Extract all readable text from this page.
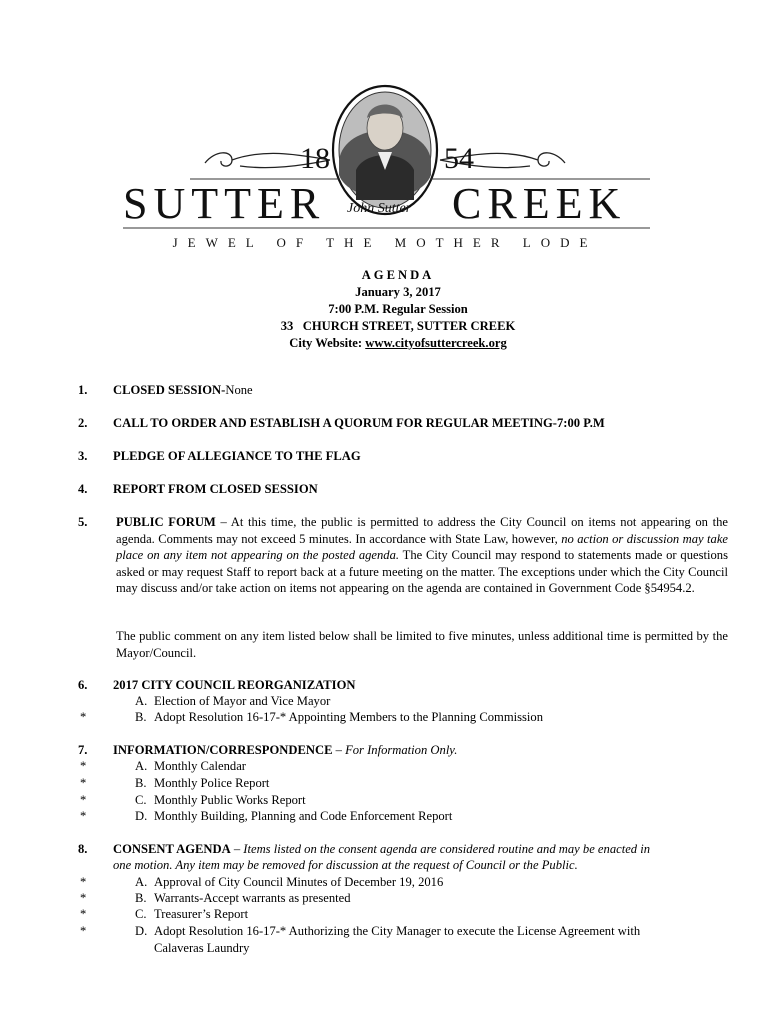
18	54
SUTTER	CREEK
John Sutter
JEWEL OF THE MOTHER LODE
AGENDA
January 3, 2017
7:00 P.M. Regular Session
33   CHURCH STREET, SUTTER CREEK
City Website: www.cityofsuttercreek.org
1. CLOSED SESSION-None
2. CALL TO ORDER AND ESTABLISH A QUORUM FOR REGULAR MEETING-7:00 P.M
3. PLEDGE OF ALLEGIANCE TO THE FLAG
4. REPORT FROM CLOSED SESSION
5. PUBLIC FORUM – At this time, the public is permitted to address the City Council on items not appearing on the agenda. Comments may not exceed 5 minutes. In accordance with State Law, however, no action or discussion may take place on any item not appearing on the posted agenda. The City Council may respond to statements made or questions asked or may request Staff to report back at a future meeting on the matter. The exceptions under which the City Council may discuss and/or take action on items not appearing on the agenda are contained in Government Code §54954.2.
The public comment on any item listed below shall be limited to five minutes, unless additional time is permitted by the Mayor/Council.
6. 2017 CITY COUNCIL REORGANIZATION
A. Election of Mayor and Vice Mayor
*	B. Adopt Resolution 16-17-* Appointing Members to the Planning Commission
7. INFORMATION/CORRESPONDENCE – For Information Only.
*	A. Monthly Calendar
*	B. Monthly Police Report
*	C. Monthly Public Works Report
*	D. Monthly Building, Planning and Code Enforcement Report
8. CONSENT AGENDA – Items listed on the consent agenda are considered routine and may be enacted in
one motion. Any item may be removed for discussion at the request of Council or the Public.
*	A. Approval of City Council Minutes of December 19, 2016
*	B. Warrants-Accept warrants as presented
*	C. Treasurer’s Report
*	D. Adopt Resolution 16-17-* Authorizing the City Manager to execute the License Agreement with
Calaveras Laundry
